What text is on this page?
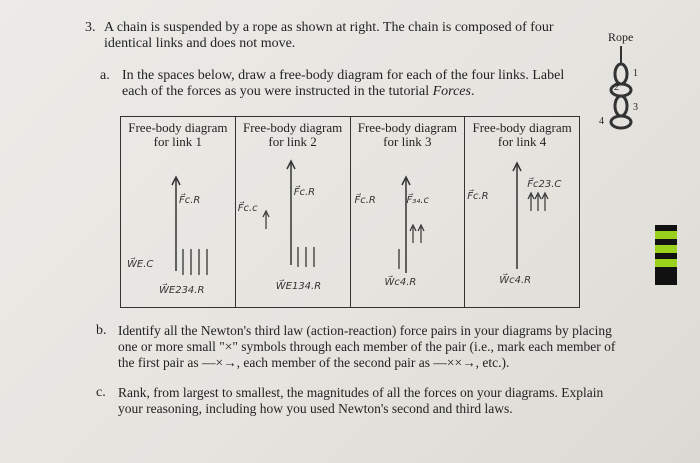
3. A chain is suspended by a rope as shown at right. The chain is composed of four
identical links and does not move.
a. In the spaces below, draw a free-body diagram for each of the four links. Label
each of the forces as you were instructed in the tutorial Forces.
Free-body diagram
for link 1
F⃗c.R
W⃗E.C
W⃗E234.R
Free-body diagram
for link 2
F⃗c.R
F⃗c.c
W⃗E134.R
Free-body diagram
for link 3
F⃗c.R	F⃗₃₄.c
W⃗c4.R
Free-body diagram
for link 4
F⃗c.R
F⃗c23.C
W⃗c4.R
Rope
1
2
3
4
b. Identify all the Newton's third law (action-reaction) force pairs in your diagrams by placing
one or more small "×" symbols through each member of the pair (i.e., mark each member of
the first pair as —×→, each member of the second pair as —××→, etc.).
c. Rank, from largest to smallest, the magnitudes of all the forces on your diagrams. Explain
your reasoning, including how you used Newton's second and third laws.
